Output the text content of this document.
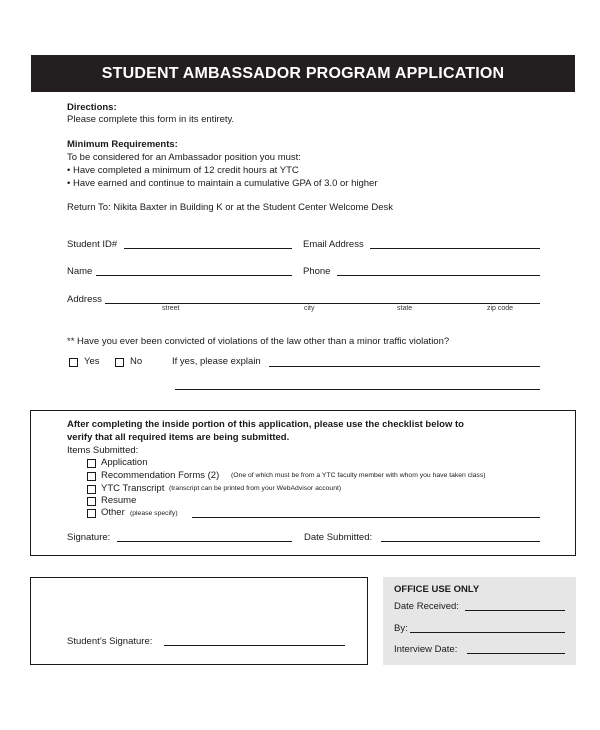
STUDENT AMBASSADOR PROGRAM APPLICATION
Directions:
Please complete this form in its entirety.
Minimum Requirements:
To be considered for an Ambassador position you must:
• Have completed a minimum of 12 credit hours at YTC
• Have earned and continue to maintain a cumulative GPA of 3.0 or higher
Return To: Nikita Baxter in Building K or at the Student Center Welcome Desk
Student ID#	Email Address
Name	Phone
Address
street	city	state	zip code
** Have you ever been convicted of violations of the law other than a minor traffic violation?
Yes	No	If yes, please explain
After completing the inside portion of this application, please use the checklist below to
verify that all required items are being submitted.
Items Submitted:
Application
Recommendation Forms (2) (One of which must be from a YTC faculty member with whom you have taken class)
YTC Transcript (transcript can be printed from your WebAdvisor account)
Resume
Other (please specify)
Signature:	Date Submitted:
Student’s Signature:
OFFICE USE ONLY
Date Received:
By:
Interview Date:
